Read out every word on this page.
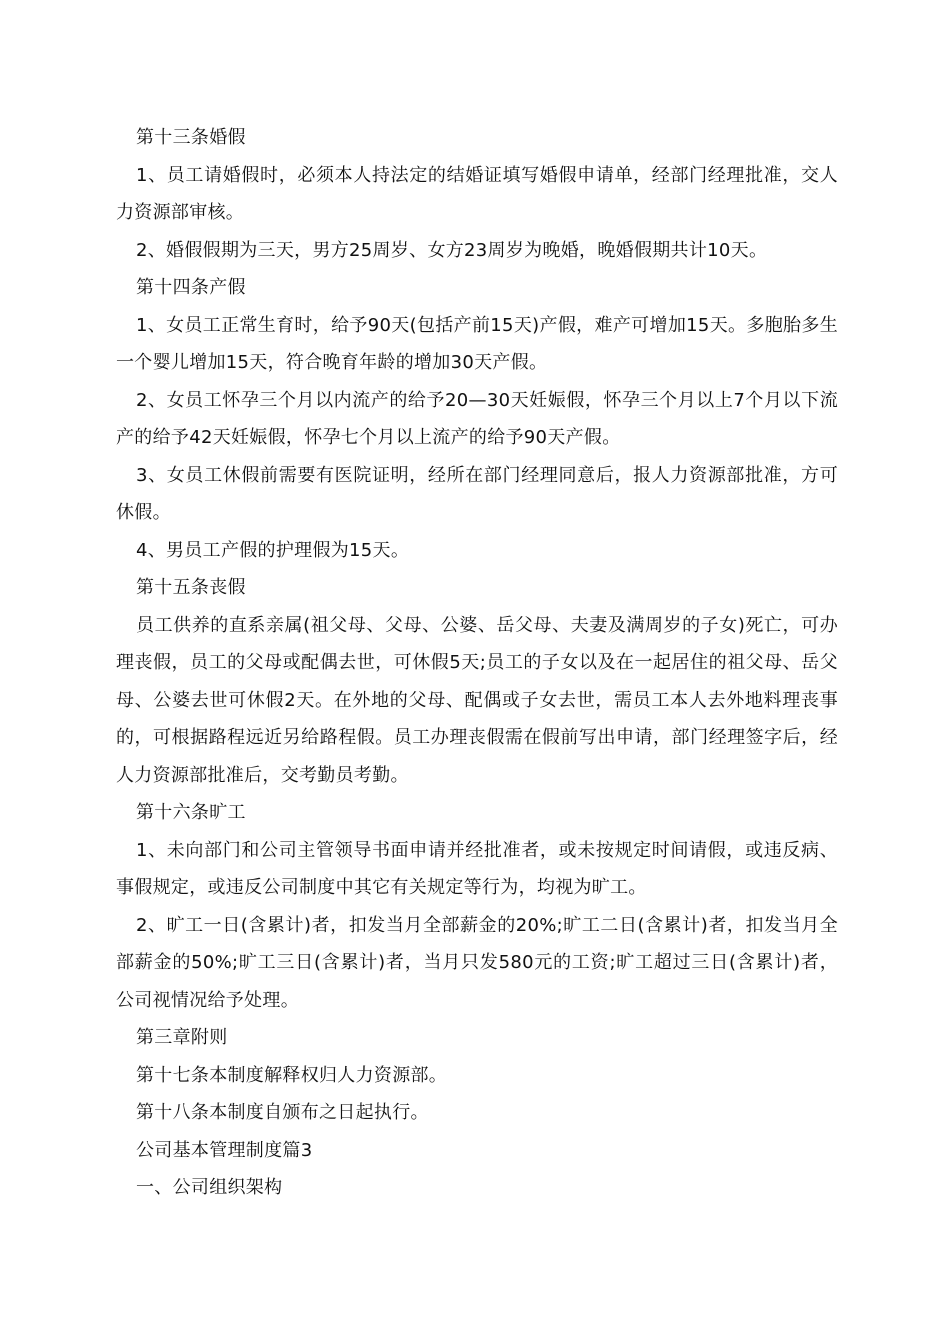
第十三条婚假

1、员工请婚假时，必须本人持法定的结婚证填写婚假申请单，经部门经理批准，交人力资源部审核。

2、婚假假期为三天，男方25周岁、女方23周岁为晚婚，晚婚假期共计10天。

第十四条产假

1、女员工正常生育时，给予90天(包括产前15天)产假，难产可增加15天。多胞胎多生一个婴儿增加15天，符合晚育年龄的增加30天产假。

2、女员工怀孕三个月以内流产的给予20—30天妊娠假，怀孕三个月以上7个月以下流产的给予42天妊娠假，怀孕七个月以上流产的给予90天产假。

3、女员工休假前需要有医院证明，经所在部门经理同意后，报人力资源部批准，方可休假。

4、男员工产假的护理假为15天。

第十五条丧假

员工供养的直系亲属(祖父母、父母、公婆、岳父母、夫妻及满周岁的子女)死亡，可办理丧假，员工的父母或配偶去世，可休假5天;员工的子女以及在一起居住的祖父母、岳父母、公婆去世可休假2天。在外地的父母、配偶或子女去世，需员工本人去外地料理丧事的，可根据路程远近另给路程假。员工办理丧假需在假前写出申请，部门经理签字后，经人力资源部批准后，交考勤员考勤。

第十六条旷工

1、未向部门和公司主管领导书面申请并经批准者，或未按规定时间请假，或违反病、事假规定，或违反公司制度中其它有关规定等行为，均视为旷工。

2、旷工一日(含累计)者，扣发当月全部薪金的20%;旷工二日(含累计)者，扣发当月全部薪金的50%;旷工三日(含累计)者，当月只发580元的工资;旷工超过三日(含累计)者，公司视情况给予处理。

第三章附则

第十七条本制度解释权归人力资源部。

第十八条本制度自颁布之日起执行。

公司基本管理制度篇3

一、公司组织架构
